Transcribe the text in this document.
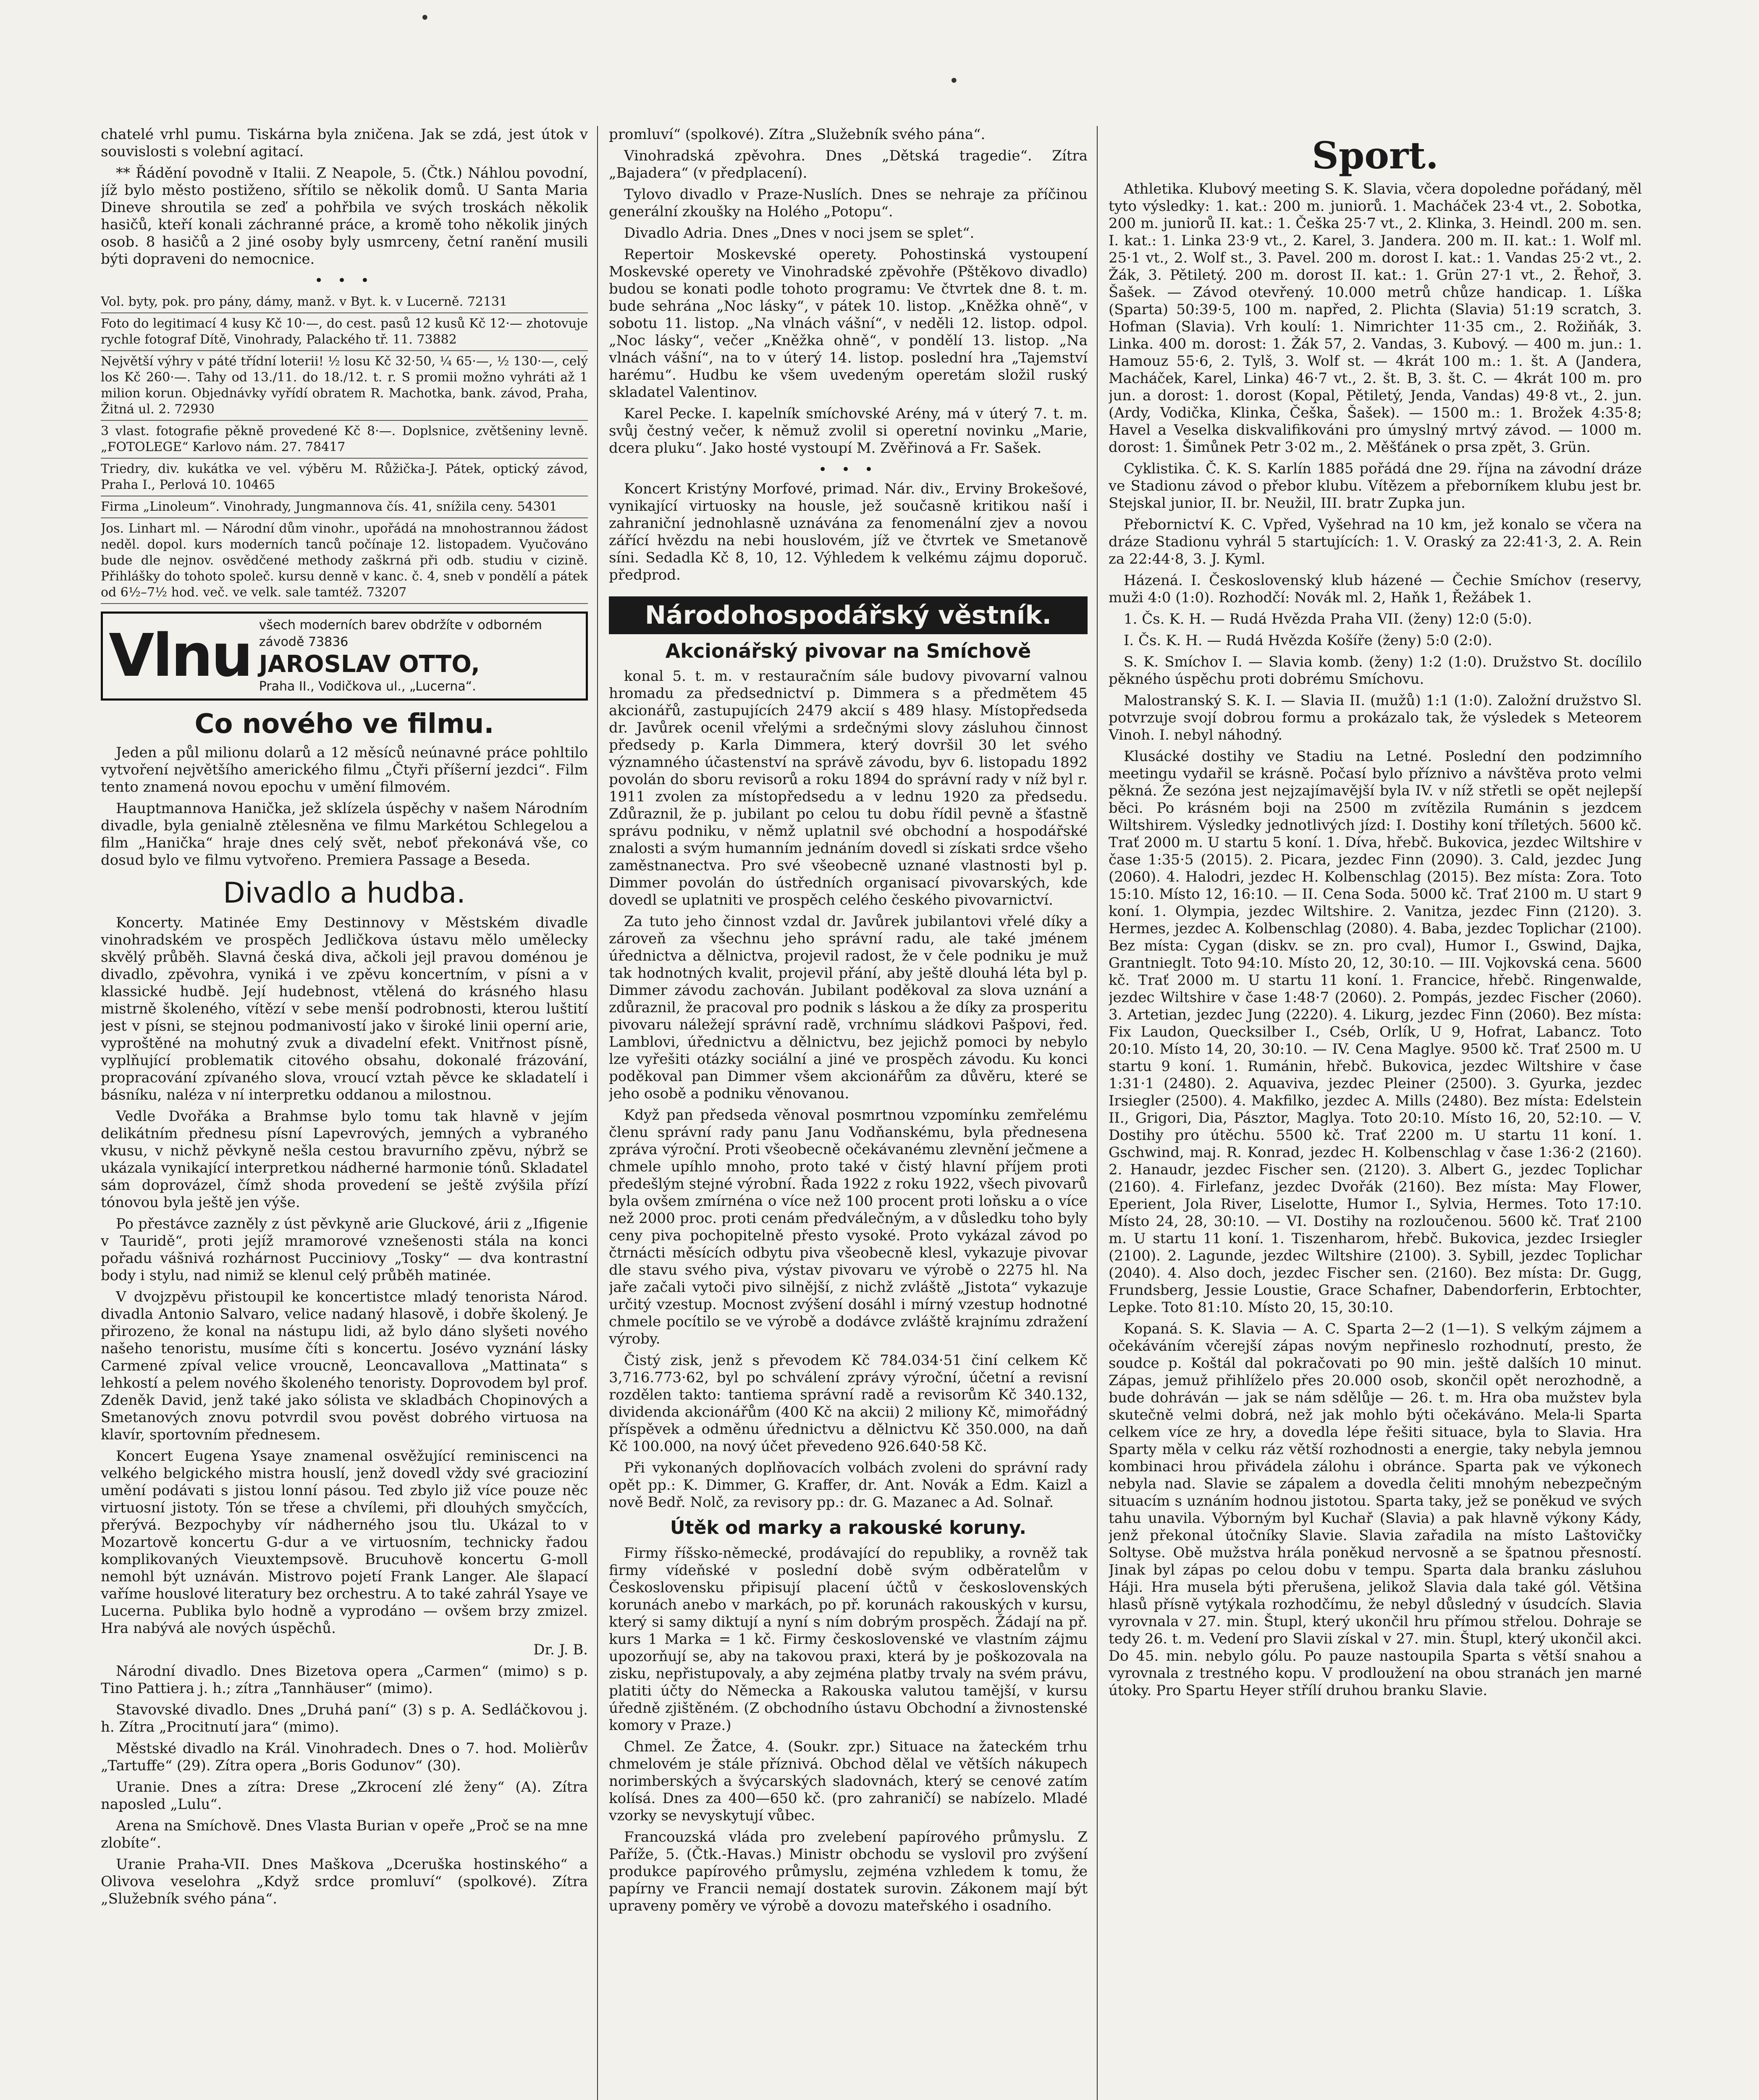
•
•

chatelé vrhl pumu. Tiskárna byla zničena. Jak se zdá, jest útok v souvislosti s volební agitací.

** Řádění povodně v Italii. Z Neapole, 5. (Čtk.) Náhlou povodní, jíž bylo město postiženo, sřítilo se několik domů. U Santa Maria Dineve shroutila se zeď a pohřbila ve svých troskách několik hasičů, kteří konali záchranné práce, a kromě toho několik jiných osob. 8 hasičů a 2 jiné osoby byly usmrceny, četní ranění musili býti dopraveni do nemocnice.

• • •

Vol. byty, pok. pro pány, dámy, manž. v Byt. k. v Lucerně. 72131

Foto do legitimací 4 kusy Kč 10·—, do cest. pasů 12 kusů Kč 12·— zhotovuje rychle fotograf Dítě, Vinohrady, Palackého tř. 11. 73882

Největší výhry v páté třídní loterii! ½ losu Kč 32·50, ¼ 65·—, ½ 130·—, celý los Kč 260·—. Tahy od 13./11. do 18./12. t. r. S promii možno vyhráti až 1 milion korun. Objednávky vyřídí obratem R. Machotka, bank. závod, Praha, Žitná ul. 2. 72930

3 vlast. fotografie pěkně provedené Kč 8·—. Doplsnice, zvětšeniny levně. „FOTOLEGE“ Karlovo nám. 27. 78417

Triedry, div. kukátka ve vel. výběru M. Růžička-J. Pátek, optický závod, Praha I., Perlová 10. 10465

Firma „Linoleum“. Vinohrady, Jungmannova čís. 41, snížila ceny. 54301

Jos. Linhart ml. — Národní dům vinohr., upořádá na mnohostrannou žádost neděl. dopol. kurs moderních tanců počínaje 12. listopadem. Vyučováno bude dle nejnov. osvědčené methody zaškrná při odb. studiu v cizině. Přihlášky do tohoto společ. kursu denně v kanc. č. 4, sneb v pondělí a pátek od 6½–7½ hod. več. ve velk. sale tamtéž. 73207

Vlnu všech moderních barev obdržíte v odborném závodě 73836
JAROSLAV OTTO,
Praha II., Vodičkova ul., „Lucerna“.
Co nového ve filmu.

Jeden a půl milionu dolarů a 12 měsíců neúnavné práce pohltilo vytvoření největšího amerického filmu „Čtyři příšerní jezdci“. Film tento znamená novou epochu v umění filmovém.

Hauptmannova Hanička, jež sklízela úspěchy v našem Národním divadle, byla genialně ztělesněna ve filmu Markétou Schlegelou a film „Hanička“ hraje dnes celý svět, neboť překonává vše, co dosud bylo ve filmu vytvořeno. Premiera Passage a Beseda.

Divadlo a hudba.

Koncerty. Matinée Emy Destinnovy v Městském divadle vinohradském ve prospěch Jedličkova ústavu mělo umělecky skvělý průběh. Slavná česká diva, ačkoli jejl pravou doménou je divadlo, zpěvohra, vyniká i ve zpěvu koncertním, v písni a v klassické hudbě. Její hudebnost, vtělená do krásného hlasu mistrně školeného, vítězí v sebe menší podrobnosti, kterou luštití jest v písni, se stejnou podmanivostí jako v široké linii operní arie, vyproštěné na mohutný zvuk a divadelní efekt. Vnitřnost písně, vyplňující problematik citového obsahu, dokonalé frázování, propracování zpívaného slova, vroucí vztah pěvce ke skladatelí i básníku, naléza v ní interpretku oddanou a milostnou.

Vedle Dvořáka a Brahmse bylo tomu tak hlavně v jejím delikátním přednesu písní Lapevrových, jemných a vybraného vkusu, v nichž pěvkyně nešla cestou bravurního zpěvu, nýbrž se ukázala vynikající interpretkou nádherné harmonie tónů. Skladatel sám doprovázel, čímž shoda provedení se ještě zvýšila přízí tónovou byla ještě jen výše.

Po přestávce zazněly z úst pěvkyně arie Gluckové, árii z „Ifigenie v Tauridě“, proti jejíž mramorové vznešenosti stála na konci pořadu vášnivá rozhárnost Pucciniovy „Tosky“ — dva kontrastní body i stylu, nad nimiž se klenul celý průběh matinée.

V dvojzpěvu přistoupil ke koncertistce mladý tenorista Národ. divadla Antonio Salvaro, velice nadaný hlasově, i dobře školený. Je přirozeno, že konal na nástupu lidi, až bylo dáno slyšeti nového našeho tenoristu, musíme číti s koncertu. Josévo vyznání lásky Carmené zpíval velice vroucně, Leoncavallova „Mattinata“ s lehkostí a pelem nového školeného tenoristy. Doprovodem byl prof. Zdeněk David, jenž také jako sólista ve skladbách Chopinových a Smetanových znovu potvrdil svou pověst dobrého virtuosa na klavír, sportovním přednesem.

Koncert Eugena Ysaye znamenal osvěžující reminiscenci na velkého belgického mistra houslí, jenž dovedl vždy své gracioziní umění podávati s jistou lonní pásou. Ted zbylo již více pouze něc virtuosní jistoty. Tón se třese a chvílemi, při dlouhých smyčcích, přerývá. Bezpochyby vír nádherného jsou tlu. Ukázal to v Mozartově koncertu G-dur a ve virtuosním, technicky řadou komplikovaných Vieuxtempsově. Brucuhově koncertu G-moll nemohl být uznáván. Mistrovo pojetí Frank Langer. Ale šlapací vaříme houslové literatury bez orchestru. A to také zahrál Ysaye ve Lucerna. Publika bylo hodně a vyprodáno — ovšem brzy zmizel. Hra nabývá ale nových úspěchů.

Dr. J. B.

Národní divadlo. Dnes Bizetova opera „Carmen“ (mimo) s p. Tino Pattiera j. h.; zítra „Tannhäuser“ (mimo).

Stavovské divadlo. Dnes „Druhá paní“ (3) s p. A. Sedláčkovou j. h. Zítra „Procitnutí jara“ (mimo).

Městské divadlo na Král. Vinohradech. Dnes o 7. hod. Molièrův „Tartuffe“ (29). Zítra opera „Boris Godunov“ (30).

Uranie. Dnes a zítra: Drese „Zkrocení zlé ženy“ (A). Zítra naposled „Lulu“.

Arena na Smíchově. Dnes Vlasta Burian v opeře „Proč se na mne zlobíte“.

Uranie Praha-VII. Dnes Maškova „Dceruška hostinského“ a Olivova veselohra „Když srdce promluví“ (spolkové). Zítra „Služebník svého pána“.

promluví“ (spolkové). Zítra „Služebník svého pána“.

Vinohradská zpěvohra. Dnes „Dětská tragedie“. Zítra „Bajadera“ (v předplacení).

Tylovo divadlo v Praze-Nuslích. Dnes se nehraje za příčinou generální zkoušky na Holého „Potopu“.

Divadlo Adria. Dnes „Dnes v noci jsem se splet“.

Repertoir Moskevské operety. Pohostinská vystoupení Moskevské operety ve Vinohradské zpěvohře (Pštěkovo divadlo) budou se konati podle tohoto programu: Ve čtvrtek dne 8. t. m. bude sehrána „Noc lásky“, v pátek 10. listop. „Kněžka ohně“, v sobotu 11. listop. „Na vlnách vášní“, v neděli 12. listop. odpol. „Noc lásky“, večer „Kněžka ohně“, v pondělí 13. listop. „Na vlnách vášní“, na to v úterý 14. listop. poslední hra „Tajemství harému“. Hudbu ke všem uvedeným operetám složil ruský skladatel Valentinov.

Karel Pecke. I. kapelník smíchovské Arény, má v úterý 7. t. m. svůj čestný večer, k němuž zvolil si operetní novinku „Marie, dcera pluku“. Jako hosté vystoupí M. Zvěřinová a Fr. Sašek.

• • •

Koncert Kristýny Morfové, primad. Nár. div., Erviny Brokešové, vynikající virtuosky na housle, jež současně kritikou naší i zahraniční jednohlasně uznávána za fenomenální zjev a novou zářící hvězdu na nebi houslovém, jíž ve čtvrtek ve Smetanově síni. Sedadla Kč 8, 10, 12. Výhledem k velkému zájmu doporuč. předprod.

Národohospodářský věstník.
Akcionářský pivovar na Smíchově

konal 5. t. m. v restauračním sále budovy pivovarní valnou hromadu za předsednictví p. Dimmera s a předmětem 45 akcionářů, zastupujících 2479 akcií s 489 hlasy. Místopředseda dr. Javůrek ocenil vřelými a srdečnými slovy zásluhou činnost předsedy p. Karla Dimmera, který dovršil 30 let svého významného účastenství na správě závodu, byv 6. listopadu 1892 povolán do sboru revisorů a roku 1894 do správní rady v níž byl r. 1911 zvolen za místopředsedu a v lednu 1920 za předsedu. Zdůraznil, že p. jubilant po celou tu dobu řídil pevně a šťastně správu podniku, v němž uplatnil své obchodní a hospodářské znalosti a svým humanním jednáním dovedl si získati srdce všeho zaměstnanectva. Pro své všeobecně uznané vlastnosti byl p. Dimmer povolán do ústředních organisací pivovarských, kde dovedl se uplatniti ve prospěch celého českého pivovarnictví.

Za tuto jeho činnost vzdal dr. Javůrek jubilantovi vřelé díky a zároveň za všechnu jeho správní radu, ale také jménem úřednictva a dělnictva, projevil radost, že v čele podniku je muž tak hodnotných kvalit, projevil přání, aby ještě dlouhá léta byl p. Dimmer závodu zachován. Jubilant poděkoval za slova uznání a zdůraznil, že pracoval pro podnik s láskou a že díky za prosperitu pivovaru náležejí správní radě, vrchnímu sládkovi Pašpovi, řed. Lamblovi, úřednictvu a dělnictvu, bez jejichž pomoci by nebylo lze vyřešiti otázky sociální a jiné ve prospěch závodu. Ku konci poděkoval pan Dimmer všem akcionářům za důvěru, které se jeho osobě a podniku věnovanou.

Když pan předseda věnoval posmrtnou vzpomínku zemřelému členu správní rady panu Janu Vodňanskému, byla přednesena zpráva výroční. Proti všeobecně očekávanému zlevnění ječmene a chmele upíhlo mnoho, proto také v čistý hlavní příjem proti předešlým stejné výrobní. Řada 1922 z roku 1922, všech pivovarů byla ovšem zmírnéna o více než 100 procent proti loňsku a o více než 2000 proc. proti cenám předválečným, a v důsledku toho byly ceny piva pochopitelně přesto vysoké. Proto vykázal závod po čtrnácti měsících odbytu piva všeobecně klesl, vykazuje pivovar dle stavu svého piva, výstav pivovaru ve výrobě o 2275 hl. Na jaře začali vytoči pivo silnější, z nichž zvláště „Jistota“ vykazuje určitý vzestup. Mocnost zvýšení dosáhl i mírný vzestup hodnotné chmele pocítilo se ve výrobě a dodávce zvláště krajnímu zdražení výroby.

Čistý zisk, jenž s převodem Kč 784.034·51 činí celkem Kč 3,716.773·62, byl po schválení zprávy výroční, účetní a revisní rozdělen takto: tantiema správní radě a revisorům Kč 340.132, dividenda akcionářům (400 Kč na akcii) 2 miliony Kč, mimořádný příspěvek a odměnu úřednictvu a dělnictvu Kč 350.000, na daň Kč 100.000, na nový účet převedeno 926.640·58 Kč.

Při vykonaných doplňovacích volbách zvoleni do správní rady opět pp.: K. Dimmer, G. Kraffer, dr. Ant. Novák a Edm. Kaizl a nově Bedř. Nolč, za revisory pp.: dr. G. Mazanec a Ad. Solnař.

Útěk od marky a rakouské koruny.

Firmy říšsko-německé, prodávající do republiky, a rovněž tak firmy vídeňské v poslední době svým odběratelům v Československu připisují placení účtů v československých korunách anebo v markách, po př. korunách rakouských v kursu, který si samy diktují a nyní s ním dobrým prospěch. Žádají na př. kurs 1 Marka = 1 kč. Firmy československé ve vlastním zájmu upozorňují se, aby na takovou praxi, která by je poškozovala na zisku, nepřistupovaly, a aby zejména platby trvaly na svém právu, platiti účty do Německa a Rakouska valutou tamější, v kursu úředně zjištěném. (Z obchodního ústavu Obchodní a živnostenské komory v Praze.)

Chmel. Ze Žatce, 4. (Soukr. zpr.) Situace na žateckém trhu chmelovém je stále příznivá. Obchod dělal ve větších nákupech norimberských a švýcarských sladovnách, který se cenové zatím kolísá. Dnes za 400—650 kč. (pro zahraničí) se nabízelo. Mladé vzorky se nevyskytují vůbec.

Francouzská vláda pro zvelebení papírového průmyslu. Z Paříže, 5. (Čtk.-Havas.) Ministr obchodu se vyslovil pro zvýšení produkce papírového průmyslu, zejména vzhledem k tomu, že papírny ve Francii nemají dostatek surovin. Zákonem mají být upraveny poměry ve výrobě a dovozu mateřského i osadního.

Sport.

Athletika. Klubový meeting S. K. Slavia, včera dopoledne pořádaný, měl tyto výsledky: 1. kat.: 200 m. juniorů. 1. Macháček 23·4 vt., 2. Sobotka, 200 m. juniorů II. kat.: 1. Češka 25·7 vt., 2. Klinka, 3. Heindl. 200 m. sen. I. kat.: 1. Linka 23·9 vt., 2. Karel, 3. Jandera. 200 m. II. kat.: 1. Wolf ml. 25·1 vt., 2. Wolf st., 3. Pavel. 200 m. dorost I. kat.: 1. Vandas 25·2 vt., 2. Žák, 3. Pětiletý. 200 m. dorost II. kat.: 1. Grün 27·1 vt., 2. Řehoř, 3. Šašek. — Závod otevřený. 10.000 metrů chůze handicap. 1. Líška (Sparta) 50:39·5, 100 m. napřed, 2. Plichta (Slavia) 51:19 scratch, 3. Hofman (Slavia). Vrh koulí: 1. Nimrichter 11·35 cm., 2. Rožiňák, 3. Linka. 400 m. dorost: 1. Žák 57, 2. Vandas, 3. Kubový. — 400 m. jun.: 1. Hamouz 55·6, 2. Tylš, 3. Wolf st. — 4krát 100 m.: 1. št. A (Jandera, Macháček, Karel, Linka) 46·7 vt., 2. št. B, 3. št. C. — 4krát 100 m. pro jun. a dorost: 1. dorost (Kopal, Pětiletý, Jenda, Vandas) 49·8 vt., 2. jun. (Ardy, Vodička, Klinka, Češka, Šašek). — 1500 m.: 1. Brožek 4:35·8; Havel a Veselka diskvalifikováni pro úmyslný mrtvý závod. — 1000 m. dorost: 1. Šimůnek Petr 3·02 m., 2. Měšťánek o prsa zpět, 3. Grün.

Cyklistika. Č. K. S. Karlín 1885 pořádá dne 29. října na závodní dráze ve Stadionu závod o přebor klubu. Vítězem a přeborníkem klubu jest br. Stejskal junior, II. br. Neužil, III. bratr Zupka jun.

Přebornictví K. C. Vpřed, Vyšehrad na 10 km, jež konalo se včera na dráze Stadionu vyhrál 5 startujících: 1. V. Oraský za 22:41·3, 2. A. Rein za 22:44·8, 3. J. Kyml.

Házená. I. Československý klub házené — Čechie Smíchov (reservy, muži 4:0 (1:0). Rozhodčí: Novák ml. 2, Haňk 1, Řežábek 1.

1. Čs. K. H. — Rudá Hvězda Praha VII. (ženy) 12:0 (5:0).

I. Čs. K. H. — Rudá Hvězda Košíře (ženy) 5:0 (2:0).

S. K. Smíchov I. — Slavia komb. (ženy) 1:2 (1:0). Družstvo St. docílilo pěkného úspěchu proti dobrému Smíchovu.

Malostranský S. K. I. — Slavia II. (mužů) 1:1 (1:0). Založní družstvo Sl. potvrzuje svojí dobrou formu a prokázalo tak, že výsledek s Meteorem Vinoh. I. nebyl náhodný.

Klusácké dostihy ve Stadiu na Letné. Poslední den podzimního meetingu vydařil se krásně. Počasí bylo příznivo a návštěva proto velmi pěkná. Že sezóna jest nejzajímavější byla IV. v níž střetli se opět nejlepší běci. Po krásném boji na 2500 m zvítězila Rumánin s jezdcem Wiltshirem. Výsledky jednotlivých jízd: I. Dostihy koní tříletých. 5600 kč. Trať 2000 m. U startu 5 koní. 1. Díva, hřebč. Bukovica, jezdec Wiltshire v čase 1:35·5 (2015). 2. Picara, jezdec Finn (2090). 3. Cald, jezdec Jung (2060). 4. Halodri, jezdec H. Kolbenschlag (2015). Bez místa: Zora. Toto 15:10. Místo 12, 16:10. — II. Cena Soda. 5000 kč. Trať 2100 m. U start 9 koní. 1. Olympia, jezdec Wiltshire. 2. Vanitza, jezdec Finn (2120). 3. Hermes, jezdec A. Kolbenschlag (2080). 4. Baba, jezdec Toplichar (2100). Bez místa: Cygan (diskv. se zn. pro cval), Humor I., Gswind, Dajka, Grantnieglt. Toto 94:10. Místo 20, 12, 30:10. — III. Vojkovská cena. 5600 kč. Trať 2000 m. U startu 11 koní. 1. Francice, hřebč. Ringenwalde, jezdec Wiltshire v čase 1:48·7 (2060). 2. Pompás, jezdec Fischer (2060). 3. Artetian, jezdec Jung (2220). 4. Likurg, jezdec Finn (2060). Bez místa: Fix Laudon, Quecksilber I., Cséb, Orlík, U 9, Hofrat, Labancz. Toto 20:10. Místo 14, 20, 30:10. — IV. Cena Maglye. 9500 kč. Trať 2500 m. U startu 9 koní. 1. Rumánin, hřebč. Bukovica, jezdec Wiltshire v čase 1:31·1 (2480). 2. Aquaviva, jezdec Pleiner (2500). 3. Gyurka, jezdec Irsiegler (2500). 4. Makfilko, jezdec A. Mills (2480). Bez místa: Edelstein II., Grigori, Dia, Pásztor, Maglya. Toto 20:10. Místo 16, 20, 52:10. — V. Dostihy pro útěchu. 5500 kč. Trať 2200 m. U startu 11 koní. 1. Gschwind, maj. R. Konrad, jezdec H. Kolbenschlag v čase 1:36·2 (2160). 2. Hanaudr, jezdec Fischer sen. (2120). 3. Albert G., jezdec Toplichar (2160). 4. Firlefanz, jezdec Dvořák (2160). Bez místa: May Flower, Eperient, Jola River, Liselotte, Humor I., Sylvia, Hermes. Toto 17:10. Místo 24, 28, 30:10. — VI. Dostihy na rozloučenou. 5600 kč. Trať 2100 m. U startu 11 koní. 1. Tiszenharom, hřebč. Bukovica, jezdec Irsiegler (2100). 2. Lagunde, jezdec Wiltshire (2100). 3. Sybill, jezdec Toplichar (2040). 4. Also doch, jezdec Fischer sen. (2160). Bez místa: Dr. Gugg, Frundsberg, Jessie Loustie, Grace Schafner, Dabendorferin, Erbtochter, Lepke. Toto 81:10. Místo 20, 15, 30:10.

Kopaná. S. K. Slavia — A. C. Sparta 2—2 (1—1). S velkým zájmem a očekáváním včerejší zápas novým nepřineslo rozhodnutí, presto, že soudce p. Koštál dal pokračovati po 90 min. ještě dalších 10 minut. Zápas, jemuž přihlíželo přes 20.000 osob, skončil opět nerozhodně, a bude dohráván — jak se nám sdělůje — 26. t. m. Hra oba mužstev byla skutečně velmi dobrá, než jak mohlo býti očekáváno. Mela-li Sparta celkem více ze hry, a dovedla lépe řešiti situace, byla to Slavia. Hra Sparty měla v celku ráz větší rozhodnosti a energie, taky nebyla jemnou kombinaci hrou přivádela zálohu i obránce. Sparta pak ve výkonech nebyla nad. Slavie se zápalem a dovedla čeliti mnohým nebezpečným situacím s uznáním hodnou jistotou. Sparta taky, jež se poněkud ve svých tahu unavila. Výborným byl Kuchař (Slavia) a pak hlavně výkony Kády, jenž překonal útočníky Slavie. Slavia zařadila na místo Laštovičky Soltyse. Obě mužstva hrála poněkud nervosně a se špatnou přesností. Jinak byl zápas po celou dobu v tempu. Sparta dala branku zásluhou Háji. Hra musela býti přerušena, jelikož Slavia dala také gól. Většina hlasů přísně vytýkala rozhodčímu, že nebyl důsledný v úsudcích. Slavia vyrovnala v 27. min. Štupl, který ukončil hru přímou střelou. Dohraje se tedy 26. t. m. Vedení pro Slavii získal v 27. min. Štupl, který ukončil akci. Do 45. min. nebylo gólu. Po pauze nastoupila Sparta s větší snahou a vyrovnala z trestného kopu. V prodloužení na obou stranách jen marné útoky. Pro Spartu Heyer střílí druhou branku Slavie.
